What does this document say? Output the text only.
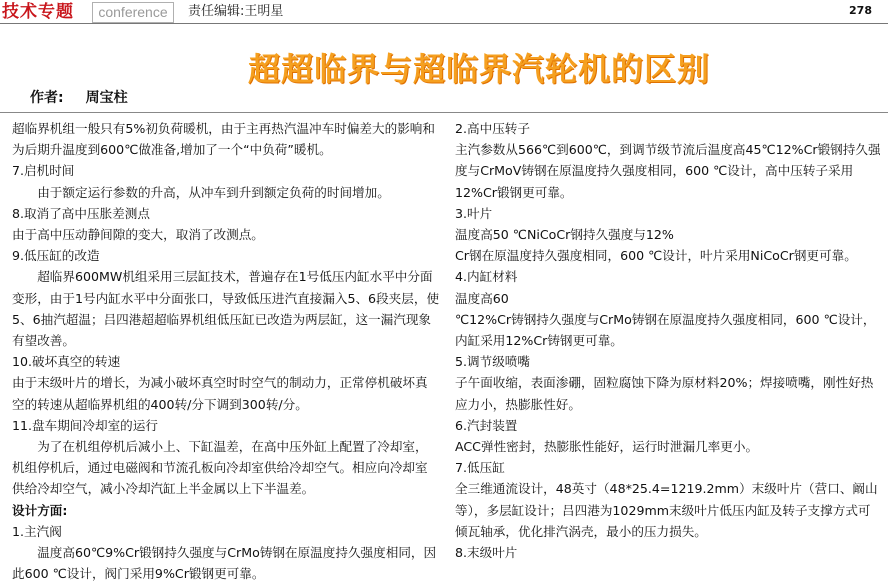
技术专题	conference	责任编辑:王明星	278
超超临界与超临界汽轮机的区别
作者: 周宝柱

超临界机组一般只有5%初负荷暖机，由于主再热汽温冲车时偏差大的影响和为后期升温度到600℃做准备,增加了一个“中负荷”暖机。

7.启机时间

由于额定运行参数的升高，从冲车到升到额定负荷的时间增加。

8.取消了高中压胀差测点

由于高中压动静间隙的变大，取消了改测点。

9.低压缸的改造

超临界600MW机组采用三层缸技术，普遍存在1号低压内缸水平中分面变形，由于1号内缸水平中分面张口，导致低压进汽直接漏入5、6段夹层，使5、6抽汽超温；吕四港超超临界机组低压缸已改造为两层缸，这一漏汽现象有望改善。

10.破坏真空的转速

由于末级叶片的增长，为减小破坏真空时时空气的制动力，正常停机破坏真空的转速从超临界机组的400转/分下调到300转/分。

11.盘车期间冷却室的运行

为了在机组停机后减小上、下缸温差，在高中压外缸上配置了冷却室，机组停机后，通过电磁阀和节流孔板向冷却室供给冷却空气。相应向冷却室供给冷却空气，减小冷却汽缸上半金属以上下半温差。

设计方面:

1.主汽阀

温度高60℃9%Cr锻钢持久强度与CrMo铸钢在原温度持久强度相同，因此600 ℃设计，阀门采用9%Cr锻钢更可靠。

2.高中压转子

主汽参数从566℃到600℃，到调节级节流后温度高45℃12%Cr锻钢持久强度与CrMoV铸钢在原温度持久强度相同，600 ℃设计，高中压转子采用12%Cr锻钢更可靠。

3.叶片

温度高50 ℃NiCoCr钢持久强度与12%

Cr钢在原温度持久强度相同，600 ℃设计，叶片采用NiCoCr钢更可靠。

4.内缸材料

温度高60

℃12%Cr铸钢持久强度与CrMo铸钢在原温度持久强度相同，600 ℃设计，内缸采用12%Cr铸钢更可靠。

5.调节级喷嘴

子午面收缩，表面渗硼，固粒腐蚀下降为原材料20%；焊接喷嘴，刚性好热应力小，热膨胀性好。

6.汽封装置

ACC弹性密封，热膨胀性能好，运行时泄漏几率更小。

7.低压缸

全三维通流设计，48英寸（48*25.4=1219.2mm）末级叶片（营口、阚山等），多层缸设计；吕四港为1029mm末级叶片低压内缸及转子支撑方式可倾瓦轴承，优化排汽涡壳，最小的压力损失。

8.末级叶片
